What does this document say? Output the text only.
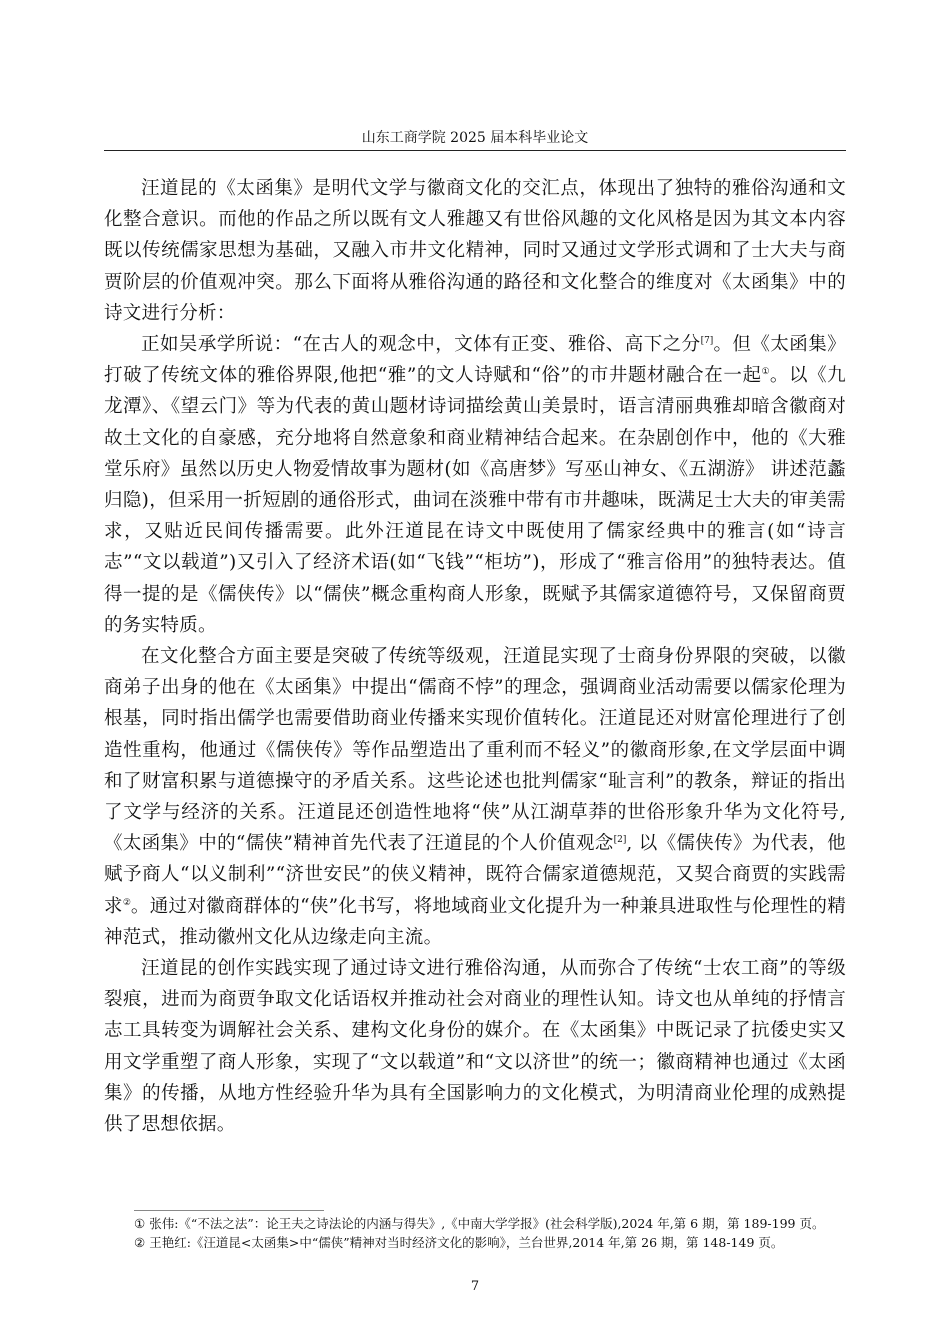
山东工商学院 2025 届本科毕业论文

汪道昆的《太函集》是明代文学与徽商文化的交汇点，体现出了独特的雅俗沟通和文化整合意识。而他的作品之所以既有文人雅趣又有世俗风趣的文化风格是因为其文本内容既以传统儒家思想为基础，又融入市井文化精神，同时又通过文学形式调和了士大夫与商贾阶层的价值观冲突。那么下面将从雅俗沟通的路径和文化整合的维度对《太函集》中的诗文进行分析：

正如吴承学所说：“在古人的观念中，文体有正变、雅俗、高下之分[7]。但《太函集》打破了传统文体的雅俗界限,他把“雅”的文人诗赋和“俗”的市井题材融合在一起①。以《九龙潭》、《望云门》等为代表的黄山题材诗词描绘黄山美景时，语言清丽典雅却暗含徽商对故土文化的自豪感，充分地将自然意象和商业精神结合起来。在杂剧创作中，他的《大雅堂乐府》虽然以历史人物爱情故事为题材(如《高唐梦》写巫山神女、《五湖游》 讲述范蠡归隐)，但采用一折短剧的通俗形式，曲词在淡雅中带有市井趣味，既满足士大夫的审美需求，又贴近民间传播需要。此外汪道昆在诗文中既使用了儒家经典中的雅言(如“诗言志”“文以载道”)又引入了经济术语(如“飞钱”“柜坊”)，形成了“雅言俗用”的独特表达。值得一提的是《儒侠传》以“儒侠”概念重构商人形象，既赋予其儒家道德符号，又保留商贾的务实特质。

在文化整合方面主要是突破了传统等级观，汪道昆实现了士商身份界限的突破，以徽商弟子出身的他在《太函集》中提出“儒商不悖”的理念，强调商业活动需要以儒家伦理为根基，同时指出儒学也需要借助商业传播来实现价值转化。汪道昆还对财富伦理进行了创造性重构，他通过《儒侠传》等作品塑造出了重利而不轻义”的徽商形象,在文学层面中调和了财富积累与道德操守的矛盾关系。这些论述也批判儒家“耻言利”的教条，辩证的指出了文学与经济的关系。汪道昆还创造性地将“侠”从江湖草莽的世俗形象升华为文化符号,《太函集》中的“儒侠”精神首先代表了汪道昆的个人价值观念[2], 以《儒侠传》为代表，他赋予商人“以义制利”“济世安民”的侠义精神，既符合儒家道德规范，又契合商贾的实践需求②。通过对徽商群体的“侠”化书写，将地域商业文化提升为一种兼具进取性与伦理性的精神范式，推动徽州文化从边缘走向主流。

汪道昆的创作实践实现了通过诗文进行雅俗沟通，从而弥合了传统“士农工商”的等级裂痕，进而为商贾争取文化话语权并推动社会对商业的理性认知。诗文也从单纯的抒情言志工具转变为调解社会关系、建构文化身份的媒介。在《太函集》中既记录了抗倭史实又用文学重塑了商人形象，实现了“文以载道”和“文以济世”的统一；徽商精神也通过《太函集》的传播，从地方性经验升华为具有全国影响力的文化模式，为明清商业伦理的成熟提供了思想依据。

① 张伟:《“不法之法”：论王夫之诗法论的内涵与得失》,《中南大学学报》(社会科学版),2024 年,第 6 期，第 189-199 页。

② 王艳红:《汪道昆<太函集>中“儒侠”精神对当时经济文化的影响》，兰台世界,2014 年,第 26 期，第 148-149 页。

7
